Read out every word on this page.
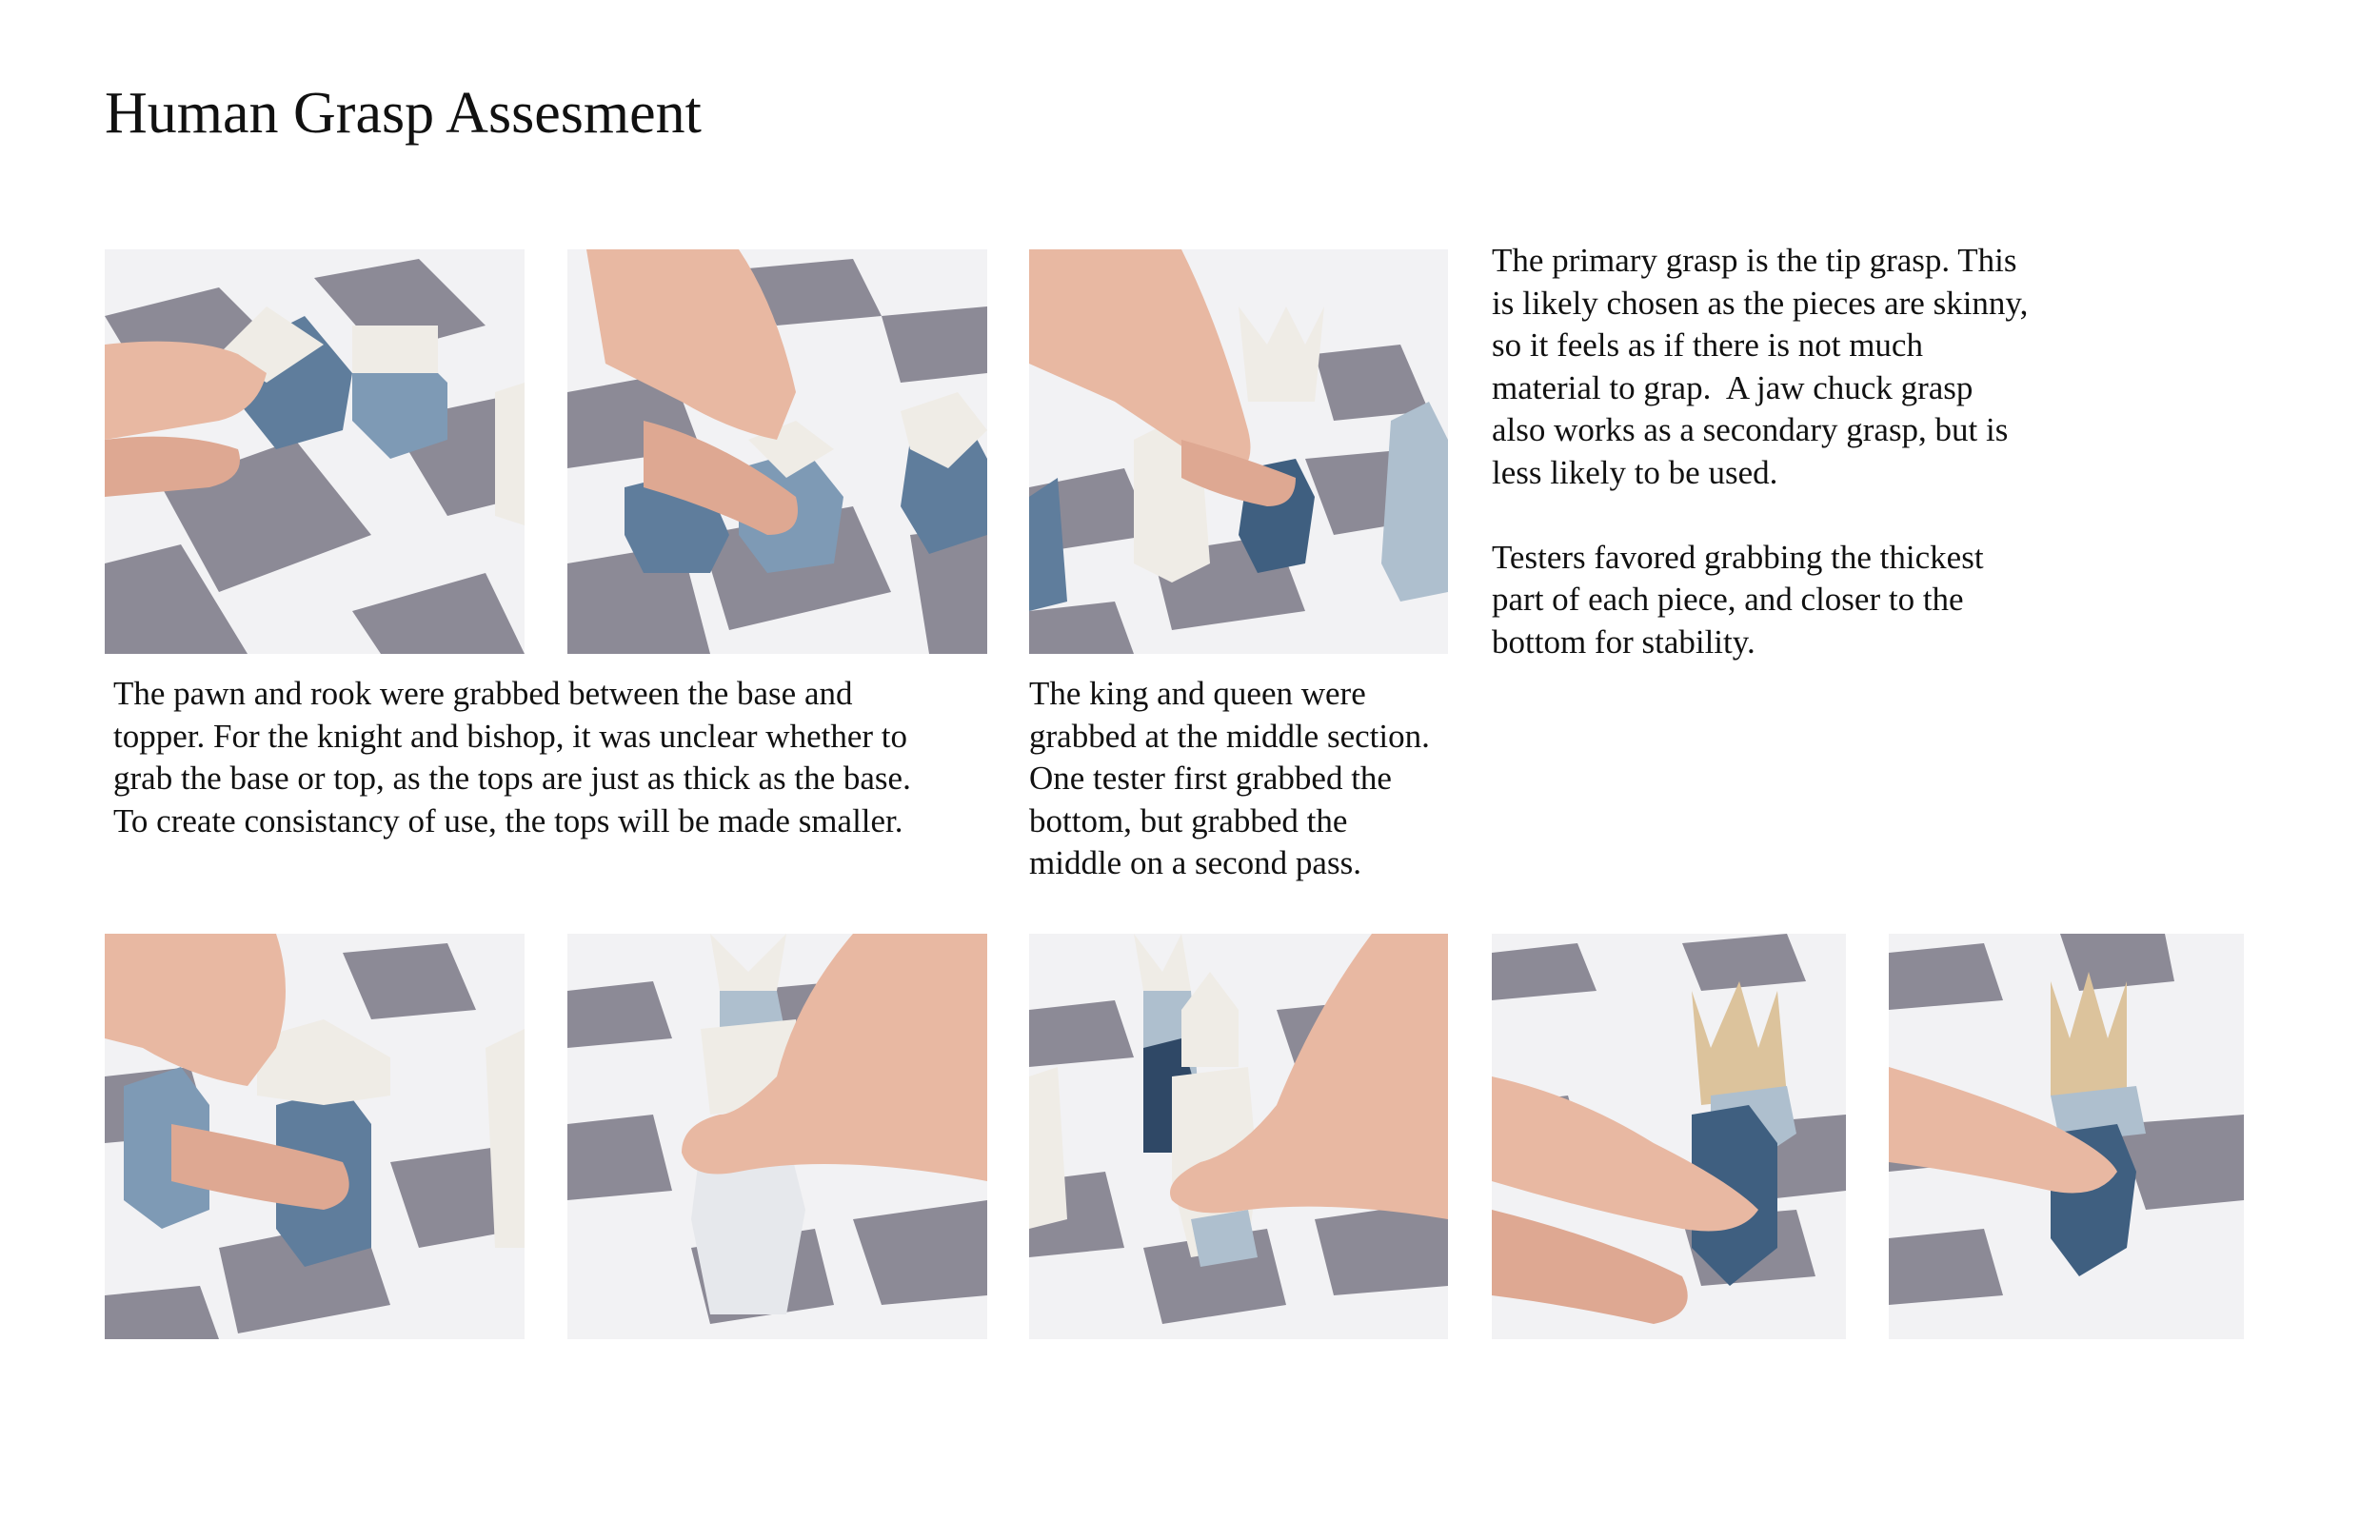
Human Grasp Assesment
The pawn and rook were grabbed between the base and
topper. For the knight and bishop, it was unclear whether to
grab the base or top, as the tops are just as thick as the base.
To create consistancy of use, the tops will be made smaller.
The king and queen were
grabbed at the middle section.
One tester first grabbed the
bottom, but grabbed the
middle on a second pass.
The primary grasp is the tip grasp. This
is likely chosen as the pieces are skinny,
so it feels as if there is not much
material to grap.  A jaw chuck grasp
also works as a secondary grasp, but is
less likely to be used.
Testers favored grabbing the thickest
part of each piece, and closer to the
bottom for stability.
